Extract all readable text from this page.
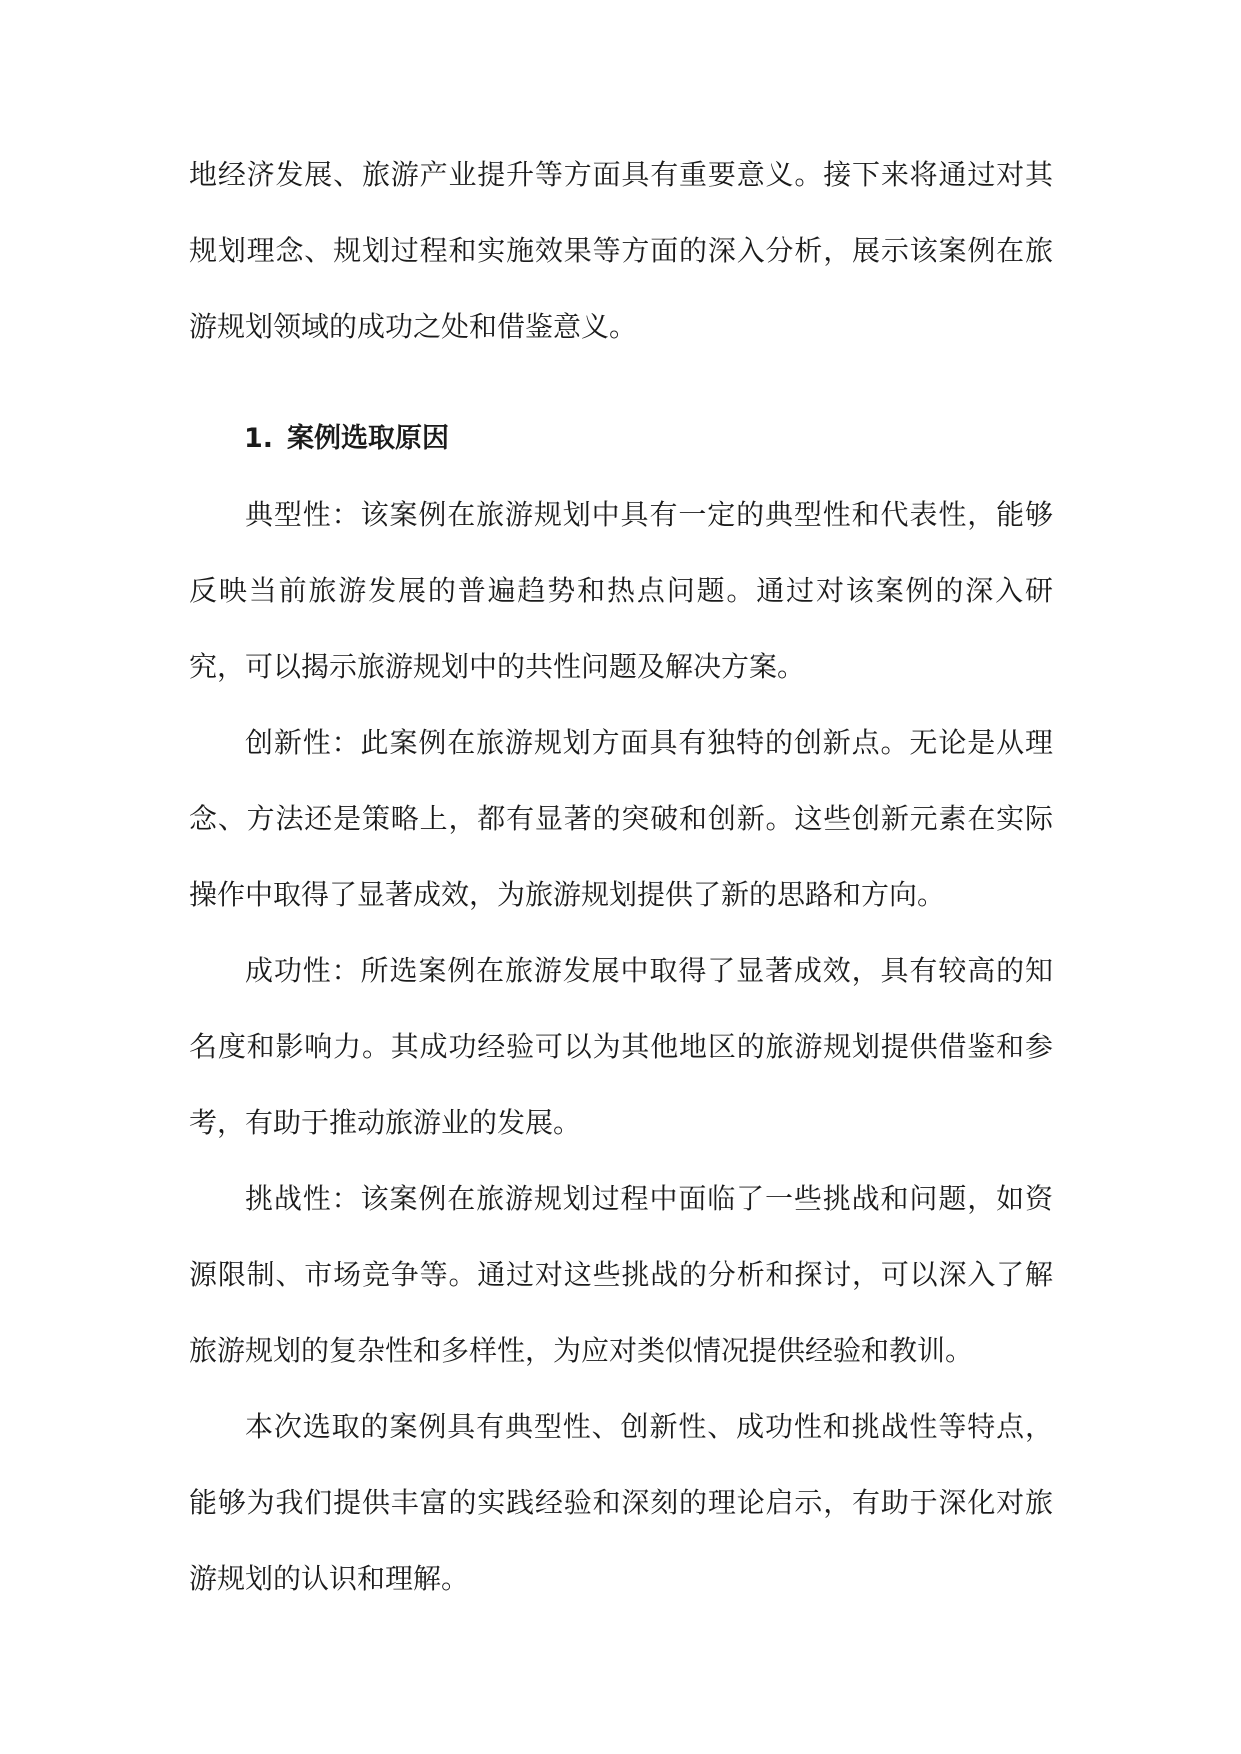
地经济发展、旅游产业提升等方面具有重要意义。接下来将通过对其规划理念、规划过程和实施效果等方面的深入分析，展示该案例在旅游规划领域的成功之处和借鉴意义。

1. 案例选取原因

典型性：该案例在旅游规划中具有一定的典型性和代表性，能够反映当前旅游发展的普遍趋势和热点问题。通过对该案例的深入研究，可以揭示旅游规划中的共性问题及解决方案。

创新性：此案例在旅游规划方面具有独特的创新点。无论是从理念、方法还是策略上，都有显著的突破和创新。这些创新元素在实际操作中取得了显著成效，为旅游规划提供了新的思路和方向。

成功性：所选案例在旅游发展中取得了显著成效，具有较高的知名度和影响力。其成功经验可以为其他地区的旅游规划提供借鉴和参考，有助于推动旅游业的发展。

挑战性：该案例在旅游规划过程中面临了一些挑战和问题，如资源限制、市场竞争等。通过对这些挑战的分析和探讨，可以深入了解旅游规划的复杂性和多样性，为应对类似情况提供经验和教训。

本次选取的案例具有典型性、创新性、成功性和挑战性等特点，能够为我们提供丰富的实践经验和深刻的理论启示，有助于深化对旅游规划的认识和理解。
